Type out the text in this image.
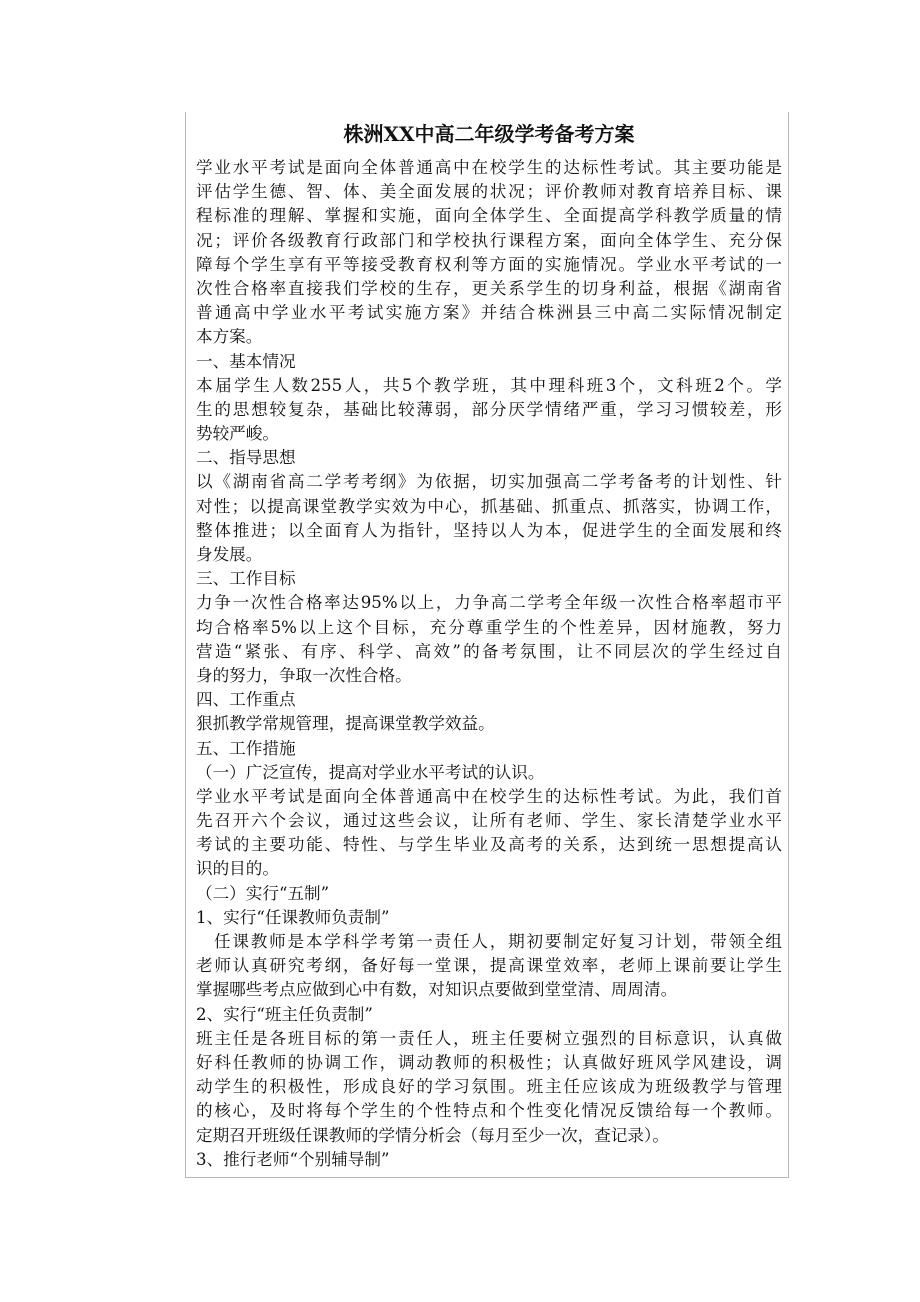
株洲XX中高二年级学考备考方案
学业水平考试是面向全体普通高中在校学生的达标性考试。其主要功能是
评估学生德、智、体、美全面发展的状况；评价教师对教育培养目标、课
程标准的理解、掌握和实施，面向全体学生、全面提高学科教学质量的情
况；评价各级教育行政部门和学校执行课程方案，面向全体学生、充分保
障每个学生享有平等接受教育权利等方面的实施情况。学业水平考试的一
次性合格率直接我们学校的生存，更关系学生的切身利益，根据《湖南省
普通高中学业水平考试实施方案》并结合株洲县三中高二实际情况制定
本方案。
一、基本情况
本届学生人数255人，共5个教学班，其中理科班3个，文科班2个。学
生的思想较复杂，基础比较薄弱，部分厌学情绪严重，学习习惯较差，形
势较严峻。
二、指导思想
以《湖南省高二学考考纲》为依据，切实加强高二学考备考的计划性、针
对性；以提高课堂教学实效为中心，抓基础、抓重点、抓落实，协调工作，
整体推进；以全面育人为指针，坚持以人为本，促进学生的全面发展和终
身发展。
三、工作目标
力争一次性合格率达95%以上，力争高二学考全年级一次性合格率超市平
均合格率5%以上这个目标，充分尊重学生的个性差异，因材施教，努力
营造“紧张、有序、科学、高效”的备考氛围，让不同层次的学生经过自
身的努力，争取一次性合格。
四、工作重点
狠抓教学常规管理，提高课堂教学效益。
五、工作措施
（一）广泛宣传，提高对学业水平考试的认识。
学业水平考试是面向全体普通高中在校学生的达标性考试。为此，我们首
先召开六个会议，通过这些会议，让所有老师、学生、家长清楚学业水平
考试的主要功能、特性、与学生毕业及高考的关系，达到统一思想提高认
识的目的。
（二）实行“五制”
1、实行“任课教师负责制”
任课教师是本学科学考第一责任人，期初要制定好复习计划，带领全组
老师认真研究考纲，备好每一堂课，提高课堂效率，老师上课前要让学生
掌握哪些考点应做到心中有数，对知识点要做到堂堂清、周周清。
2、实行“班主任负责制”
班主任是各班目标的第一责任人，班主任要树立强烈的目标意识，认真做
好科任教师的协调工作，调动教师的积极性；认真做好班风学风建设，调
动学生的积极性，形成良好的学习氛围。班主任应该成为班级教学与管理
的核心，及时将每个学生的个性特点和个性变化情况反馈给每一个教师。
定期召开班级任课教师的学情分析会（每月至少一次，查记录）。
3、推行老师“个别辅导制”
